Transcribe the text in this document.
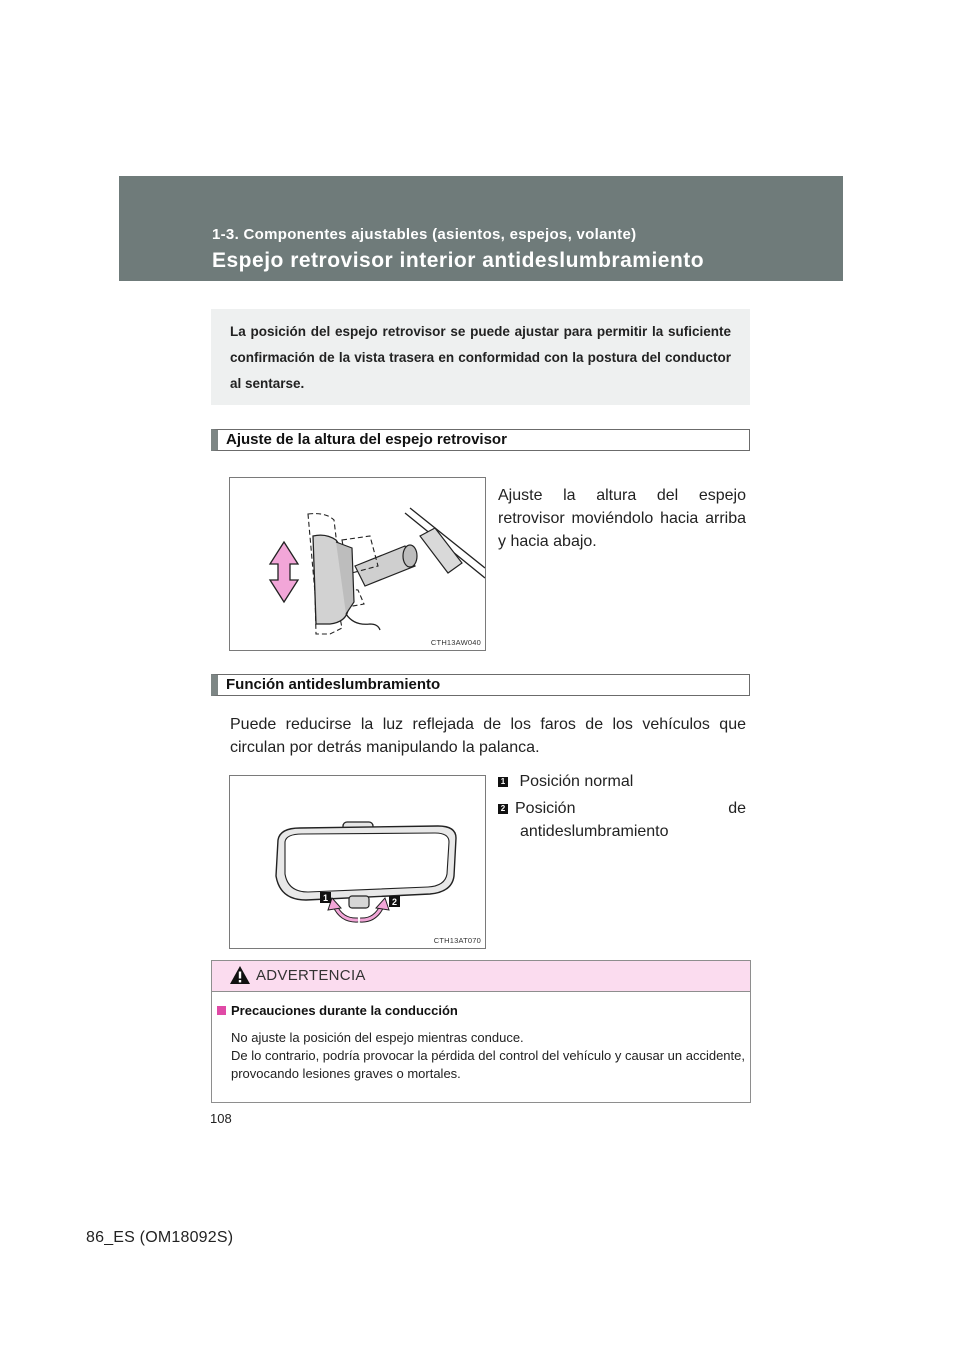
1-3. Componentes ajustables (asientos, espejos, volante)
Espejo retrovisor interior antideslumbramiento
La posición del espejo retrovisor se puede ajustar para permitir la suficiente confirmación de la vista trasera en conformidad con la postura del conductor al sentarse.
Ajuste de la altura del espejo retrovisor
CTH13AW040
Ajuste la altura del espejo retrovisor moviéndolo hacia arriba y hacia abajo.
Función antideslumbramiento
Puede reducirse la luz reflejada de los faros de los vehículos que circulan por detrás manipulando la palanca.
1	2
CTH13AT070
1 Posición normal
2 Posición de
antideslumbramiento
ADVERTENCIA
Precauciones durante la conducción
No ajuste la posición del espejo mientras conduce.
De lo contrario, podría provocar la pérdida del control del vehículo y causar un accidente, provocando lesiones graves o mortales.
108
86_ES (OM18092S)
